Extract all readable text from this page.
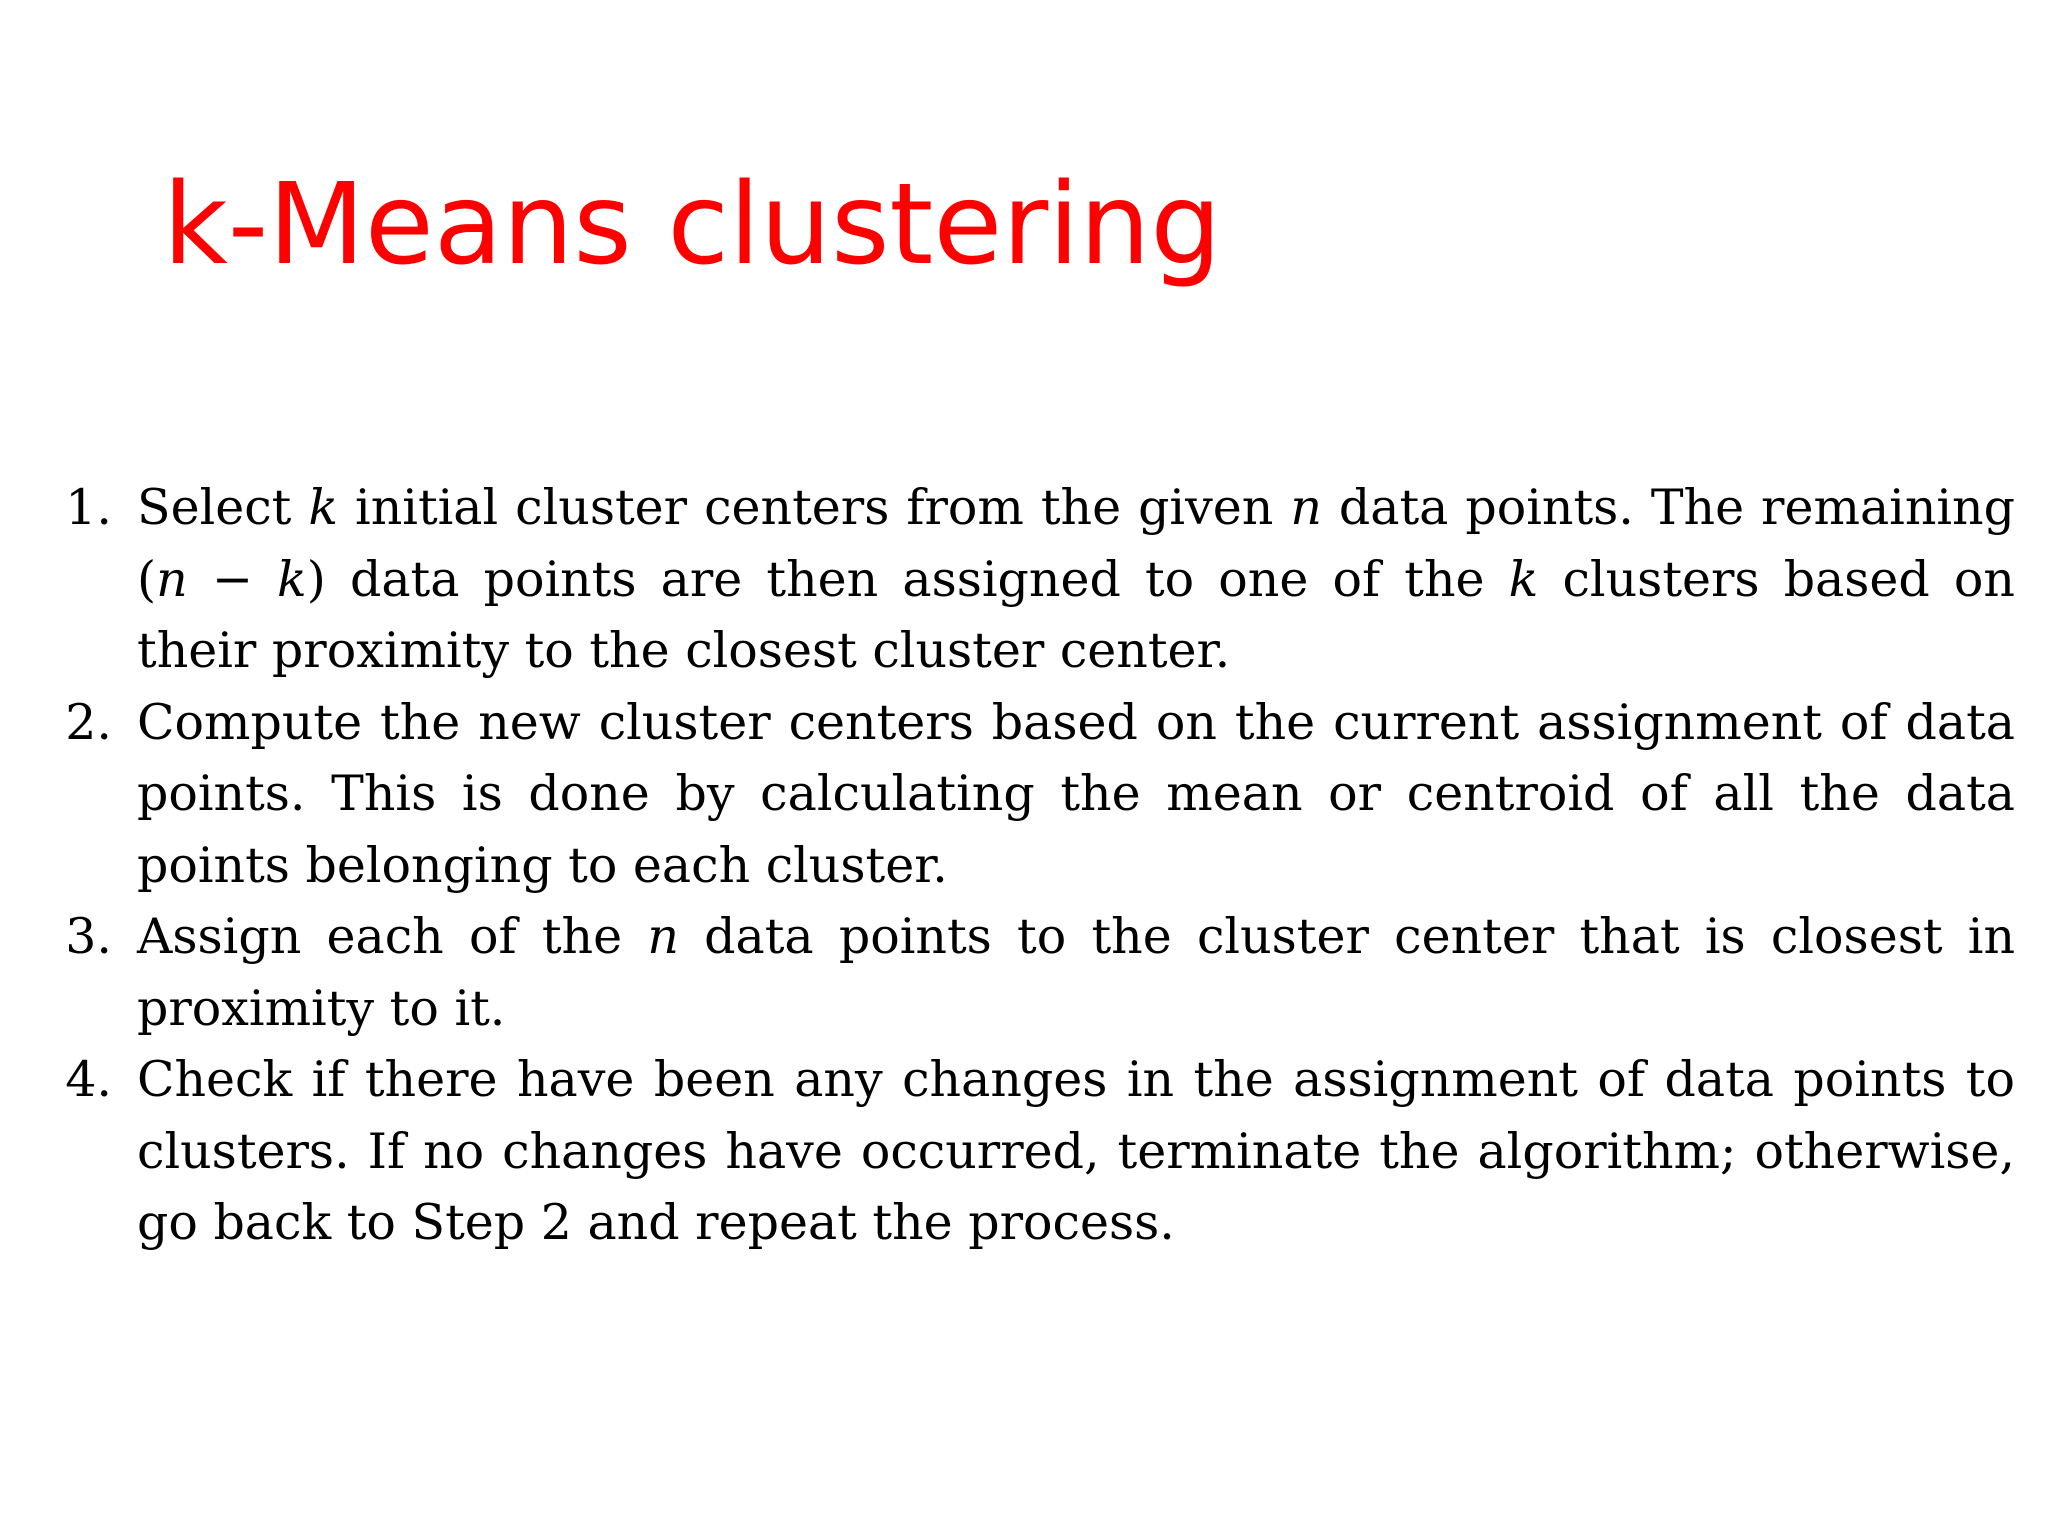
k-Means clustering
1. Select k initial cluster centers from the given n data points. The remaining (n − k) data points are then assigned to one of the k clusters based on their proximity to the closest cluster center.
2. Compute the new cluster centers based on the current assignment of data points. This is done by calculating the mean or centroid of all the data points belonging to each cluster.
3. Assign each of the n data points to the cluster center that is closest in proximity to it.
4. Check if there have been any changes in the assignment of data points to clusters. If no changes have occurred, terminate the algorithm; otherwise, go back to Step 2 and repeat the process.
